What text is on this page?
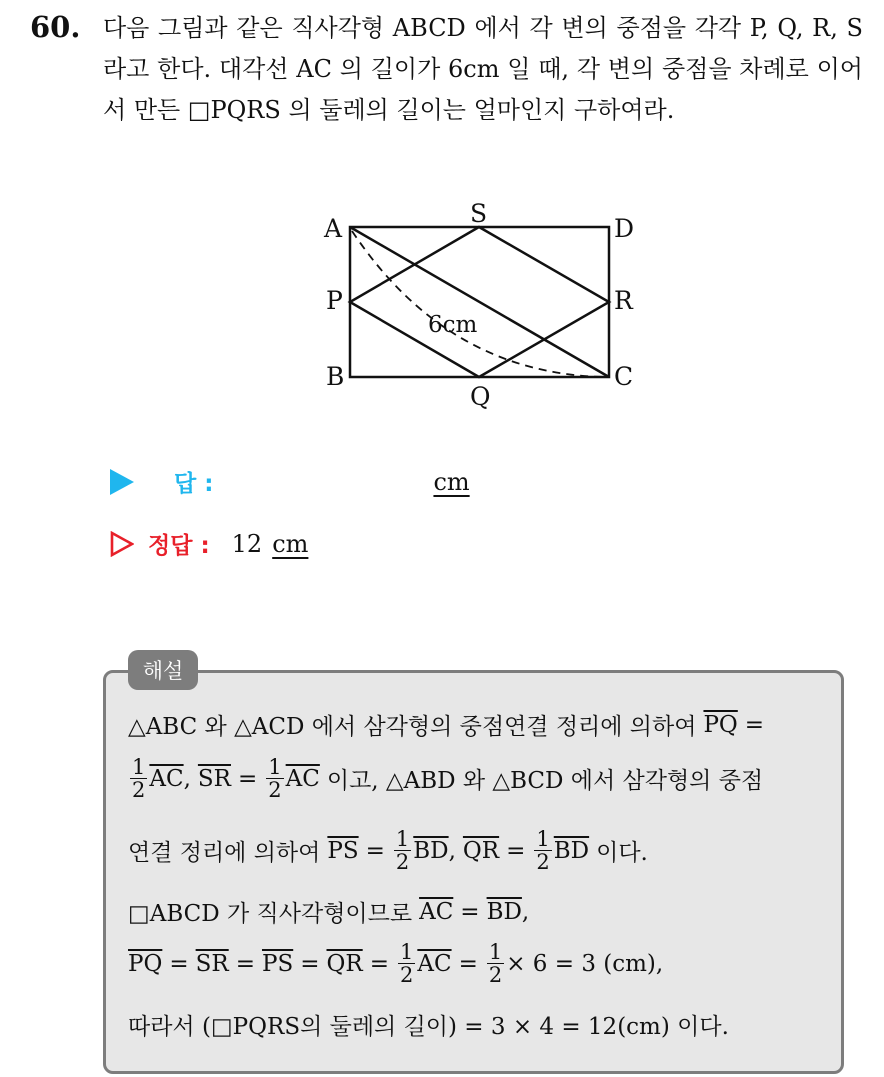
60. 다음 그림과 같은 직사각형 ABCD 에서 각 변의 중점을 각각 P, Q, R, S 라고 한다. 대각선 AC 의 길이가 6cm 일 때, 각 변의 중점을 차례로 이어서 만든 □PQRS 의 둘레의 길이는 얼마인지 구하여라.
A
S
D
P	R
B	C
Q
6cm
답 :	cm
정답 : 12 cm
해설
△ABC 와 △ACD 에서 삼각형의 중점연결 정리에 의하여 $\overline{PQ}$ =
$\frac{1}{2} \overline{AC}$ , $\overline{SR} = \frac{1}{2} \overline{AC}$ 이고, △ABD 와 △BCD 에서 삼각형의 중점
연결 정리에 의하여 $\overline{PS} = \frac{1}{2} \overline{BD}$ , $\overline{QR} = \frac{1}{2} \overline{BD}$ 이다.
□ABCD 가 직사각형이므로 $\overline{AC} = \overline{BD}$ ,
$\overline{PQ} = \overline{SR} = \overline{PS} = \overline{QR} = \frac{1}{2} \overline{AC} = \frac{1}{2} \times 6 = 3$ (cm),
따라서 (□PQRS의 둘레의 길이) = 3 × 4 = 12(cm) 이다.
